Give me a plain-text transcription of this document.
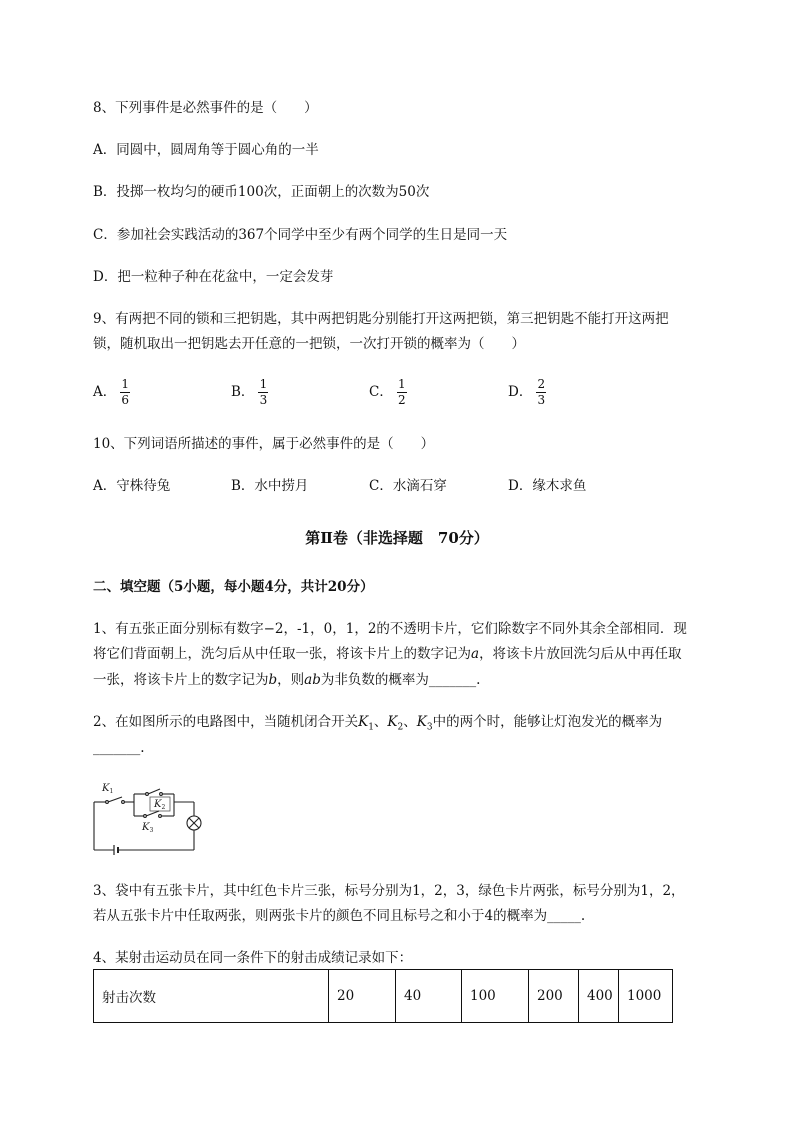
8、下列事件是必然事件的是（　　）
A．同圆中，圆周角等于圆心角的一半
B．投掷一枚均匀的硬币100次，正面朝上的次数为50次
C．参加社会实践活动的367个同学中至少有两个同学的生日是同一天
D．把一粒种子种在花盆中，一定会发芽
9、有两把不同的锁和三把钥匙，其中两把钥匙分别能打开这两把锁，第三把钥匙不能打开这两把
锁，随机取出一把钥匙去开任意的一把锁，一次打开锁的概率为（　　）
A． $\frac{1}{6}$	B． $\frac{1}{3}$	C． $\frac{1}{2}$	D． $\frac{2}{3}$
10、下列词语所描述的事件，属于必然事件的是（　　）
A．守株待兔	B．水中捞月	C．水滴石穿	D．缘木求鱼
第Ⅱ卷（非选择题　70分）
二、填空题（5小题，每小题4分，共计20分）
1、有五张正面分别标有数字−2，-1，0，1，2的不透明卡片，它们除数字不同外其余全部相同．现
将它们背面朝上，洗匀后从中任取一张，将该卡片上的数字记为a，将该卡片放回洗匀后从中再任取
一张，将该卡片上的数字记为b，则ab为非负数的概率为_______.
2、在如图所示的电路图中，当随机闭合开关$K_1$、$K_2$、$K_3$中的两个时，能够让灯泡发光的概率为
_______.
$K_1$
$K_2$
$K_3$
3、袋中有五张卡片，其中红色卡片三张，标号分别为1，2，3，绿色卡片两张，标号分别为1，2，
若从五张卡片中任取两张，则两张卡片的颜色不同且标号之和小于4的概率为_____.
4、某射击运动员在同一条件下的射击成绩记录如下：
射击次数	20	40	100	200	400	1000
